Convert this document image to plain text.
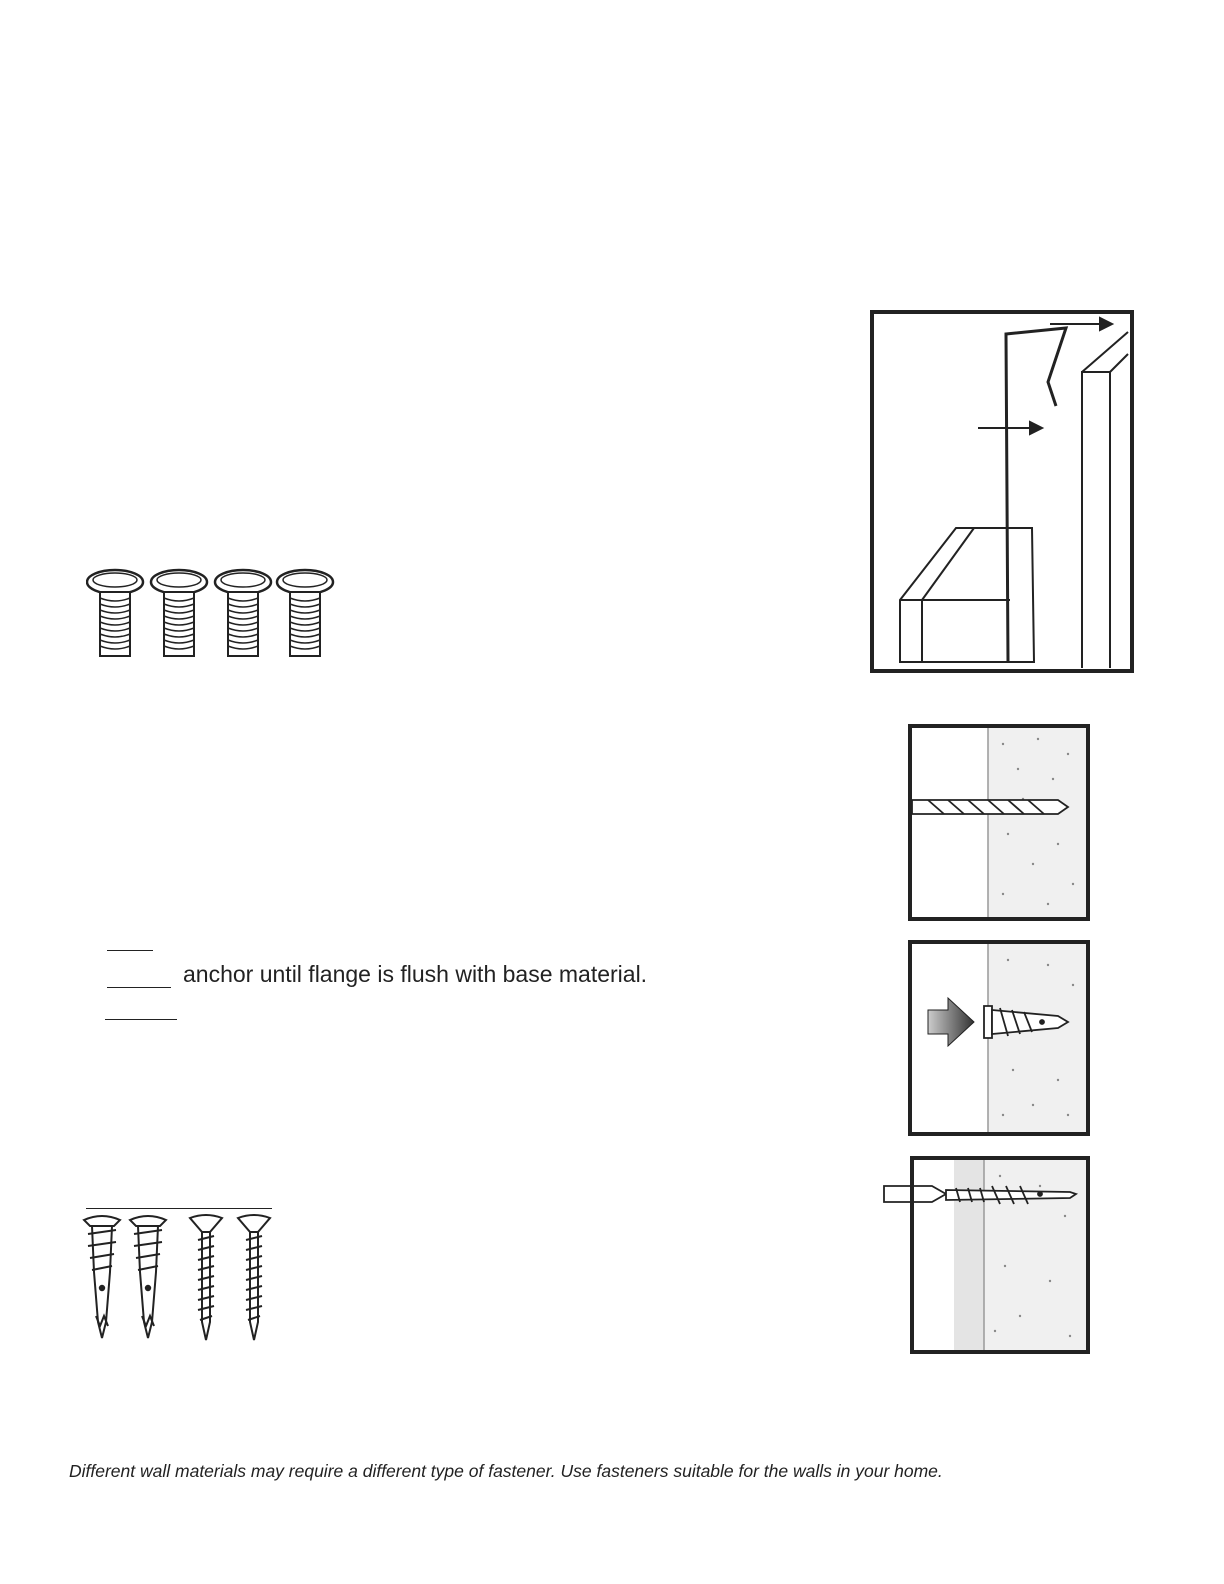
anchor until flange is flush with base material.
Different wall materials may require a different type of fastener. Use fasteners suitable for the walls in your home.
